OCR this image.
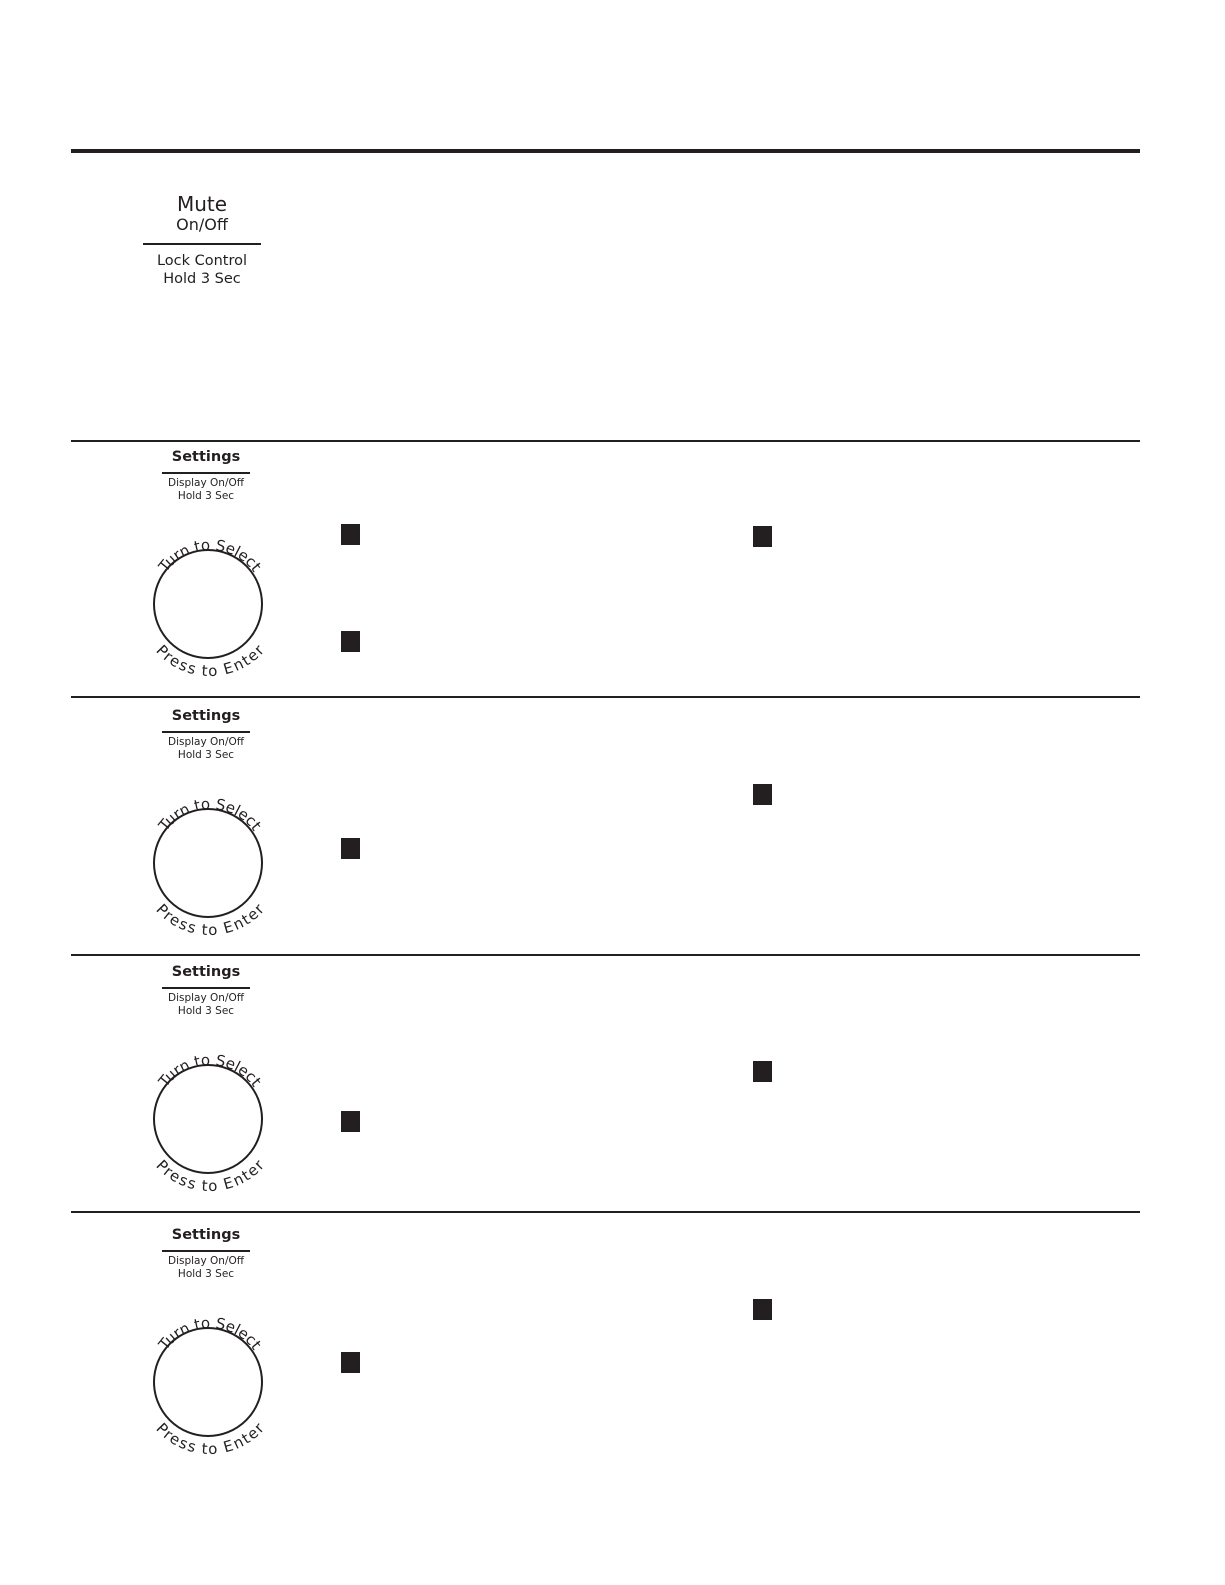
Mute
On/Off
Lock Control
Hold 3 Sec
Settings
Display On/Off
Hold 3 Sec
Turn to Select
Press to Enter
Settings
Display On/Off
Hold 3 Sec
Turn to Select
Press to Enter
Settings
Display On/Off
Hold 3 Sec
Turn to Select
Press to Enter
Settings
Display On/Off
Hold 3 Sec
Turn to Select
Press to Enter
